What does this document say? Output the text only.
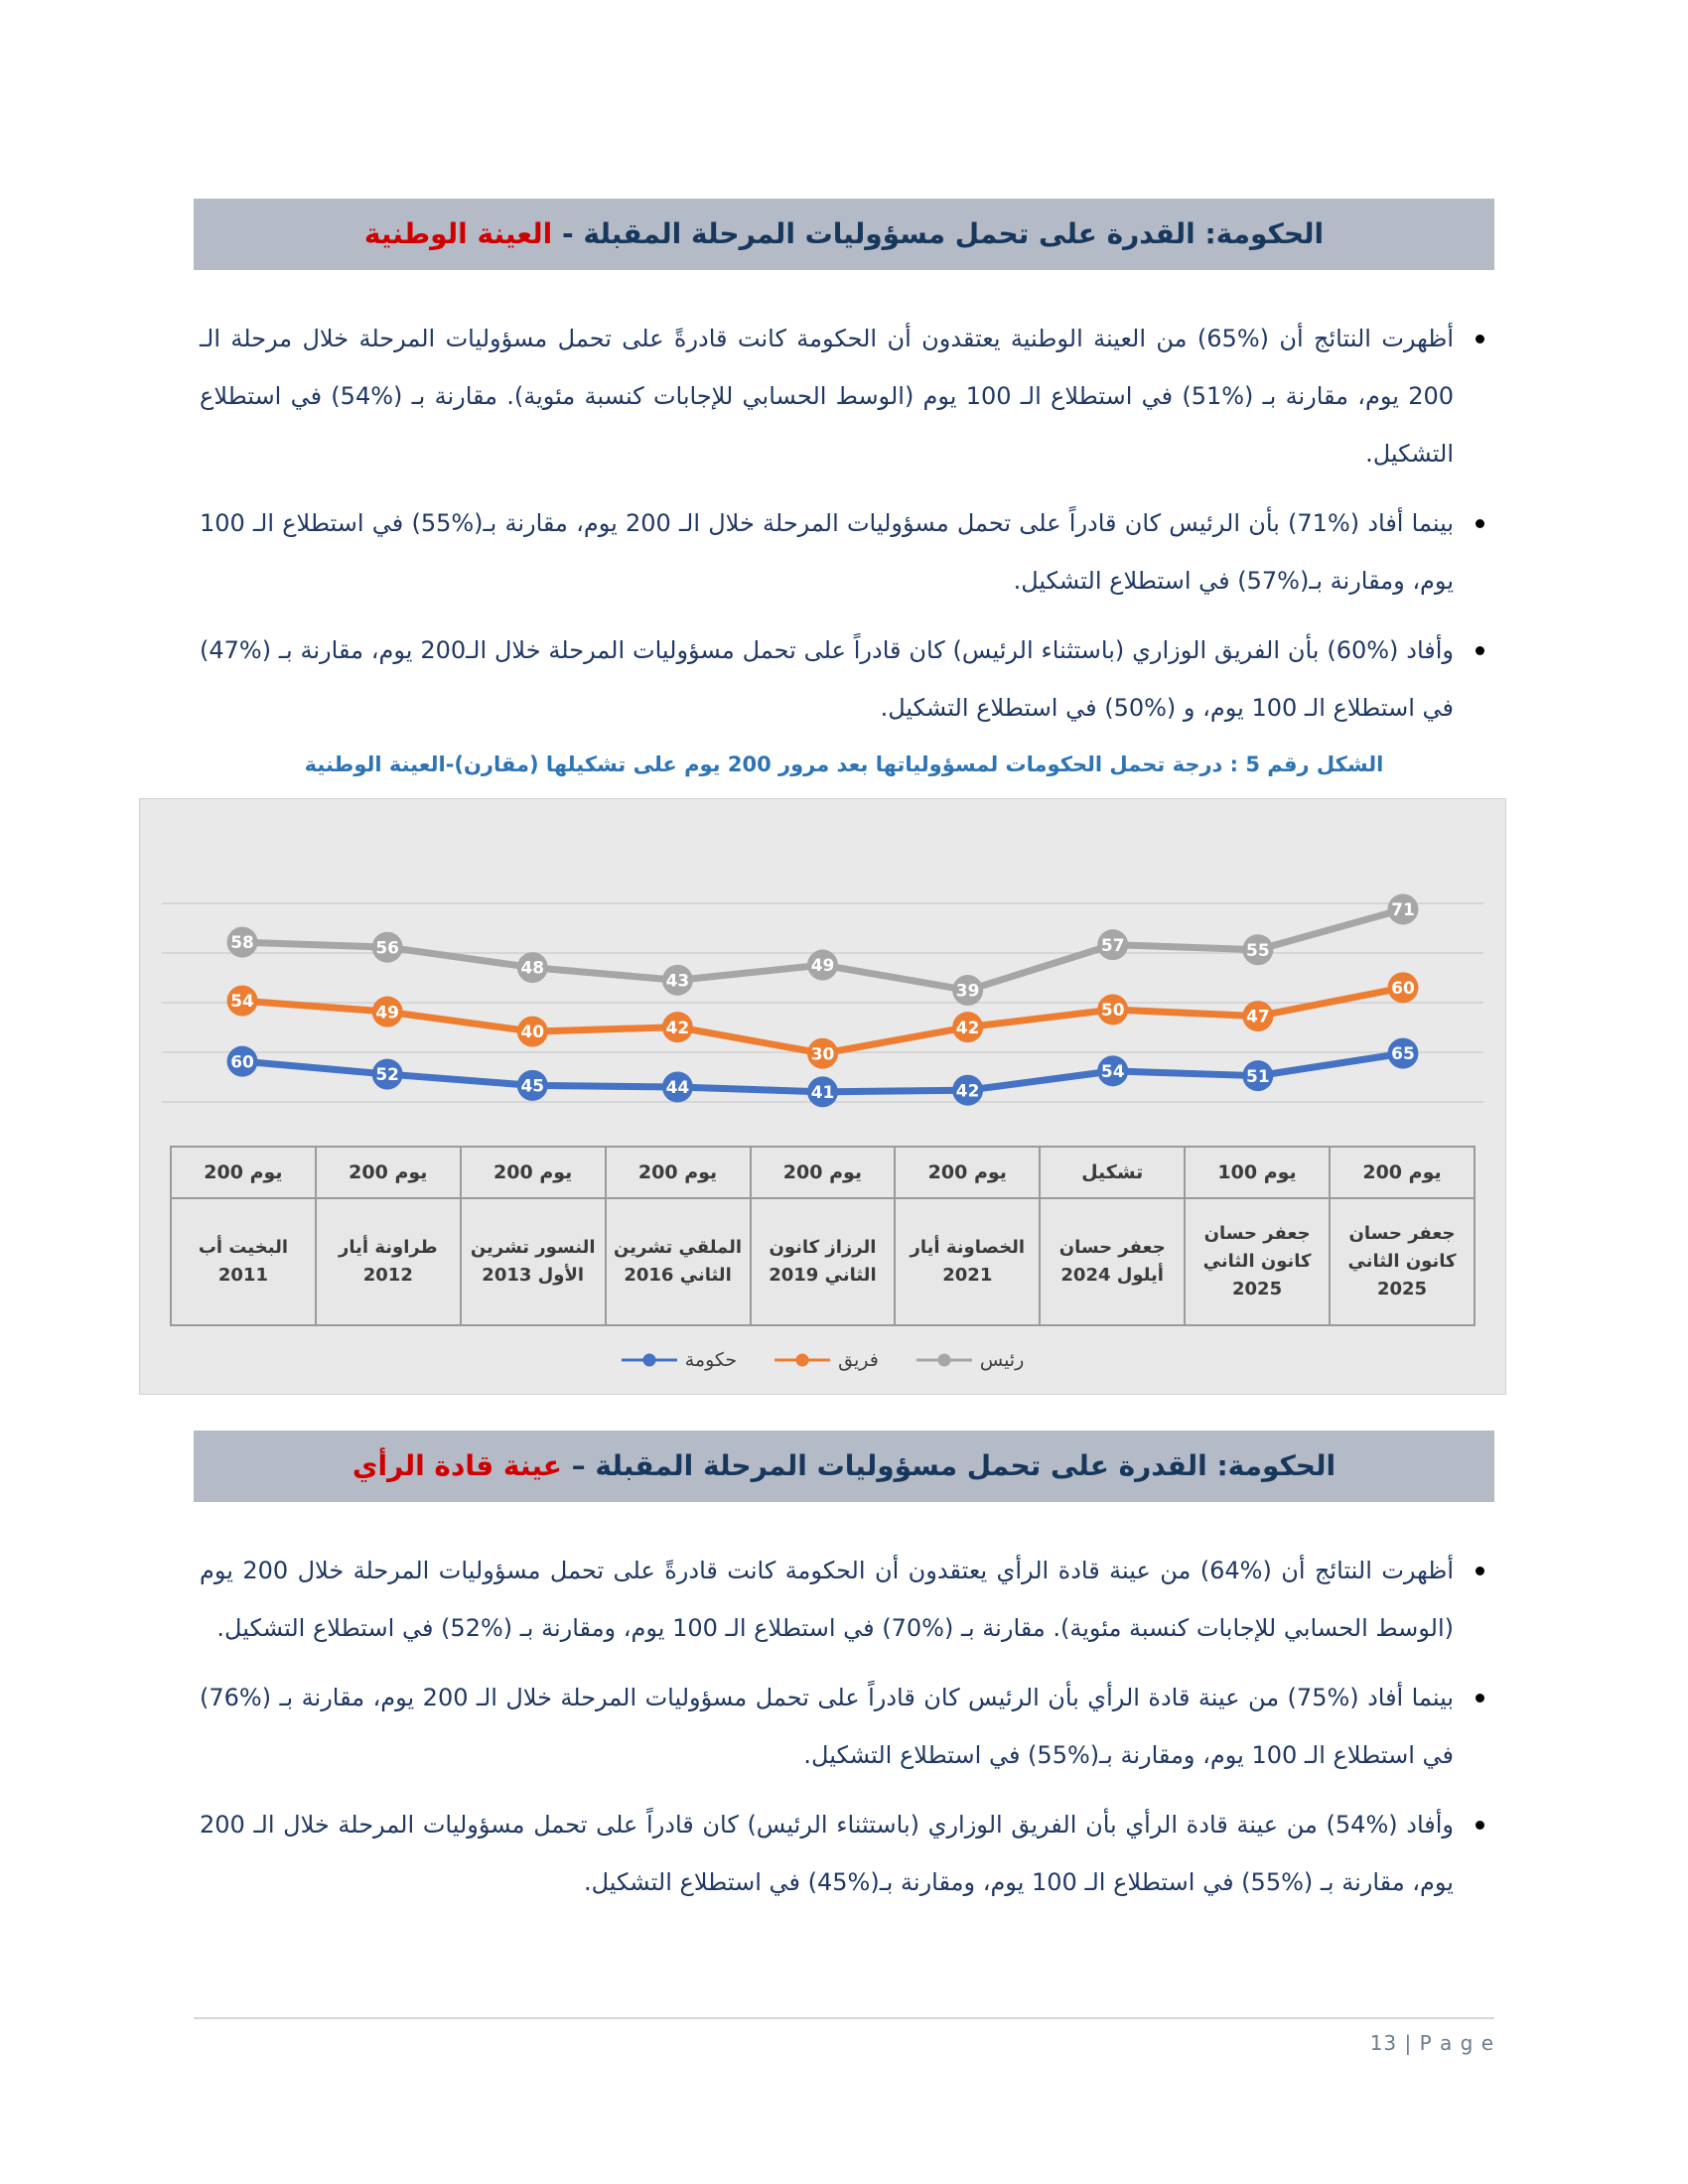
الحكومة: القدرة على تحمل مسؤوليات المرحلة المقبلة - العينة الوطنية

أظهرت النتائج أن (%65) من العينة الوطنية يعتقدون أن الحكومة كانت قادرةً على تحمل مسؤوليات المرحلة خلال مرحلة الـ 200 يوم، مقارنة بـ (%51) في استطلاع الـ 100 يوم (الوسط الحسابي للإجابات كنسبة مئوية). مقارنة بـ (%54) في استطلاع التشكيل.

بينما أفاد (%71) بأن الرئيس كان قادراً على تحمل مسؤوليات المرحلة خلال الـ 200 يوم، مقارنة بـ(%55) في استطلاع الـ 100 يوم، ومقارنة بـ(%57) في استطلاع التشكيل.

وأفاد (%60) بأن الفريق الوزاري (باستثناء الرئيس) كان قادراً على تحمل مسؤوليات المرحلة خلال الـ200 يوم، مقارنة بـ (%47) في استطلاع الـ 100 يوم، و (%50) في استطلاع التشكيل.

الشكل رقم 5 : درجة تحمل الحكومات لمسؤولياتها بعد مرور 200 يوم على تشكيلها (مقارن)-العينة الوطنية
58	56
48
43
49
39
57	55
71
54
49
40	42
30
42
50	47
60
60
52
45	44	41	42
54	51
65
200 يوم	200 يوم	200 يوم	200 يوم	200 يوم	200 يوم	تشكيل	100 يوم	200 يوم
البخيت أب 2011	طراونة أيار 2012	النسور تشرين الأول 2013	الملقي تشرين الثاني 2016	الرزاز كانون الثاني 2019	الخصاونة أيار 2021	جعفر حسان أيلول 2024	جعفر حسان كانون الثاني 2025	جعفر حسان كانون الثاني 2025
حكومة	فريق	رئيس
الحكومة: القدرة على تحمل مسؤوليات المرحلة المقبلة – عينة قادة الرأي

أظهرت النتائج أن (%64) من عينة قادة الرأي يعتقدون أن الحكومة كانت قادرةً على تحمل مسؤوليات المرحلة خلال 200 يوم (الوسط الحسابي للإجابات كنسبة مئوية). مقارنة بـ (%70) في استطلاع الـ 100 يوم، ومقارنة بـ (%52) في استطلاع التشكيل.

بينما أفاد (%75) من عينة قادة الرأي بأن الرئيس كان قادراً على تحمل مسؤوليات المرحلة خلال الـ 200 يوم، مقارنة بـ (%76) في استطلاع الـ 100 يوم، ومقارنة بـ(%55) في استطلاع التشكيل.

وأفاد (%54) من عينة قادة الرأي بأن الفريق الوزاري (باستثناء الرئيس) كان قادراً على تحمل مسؤوليات المرحلة خلال الـ 200 يوم، مقارنة بـ (%55) في استطلاع الـ 100 يوم، ومقارنة بـ(%45) في استطلاع التشكيل.

13 | P a g e
